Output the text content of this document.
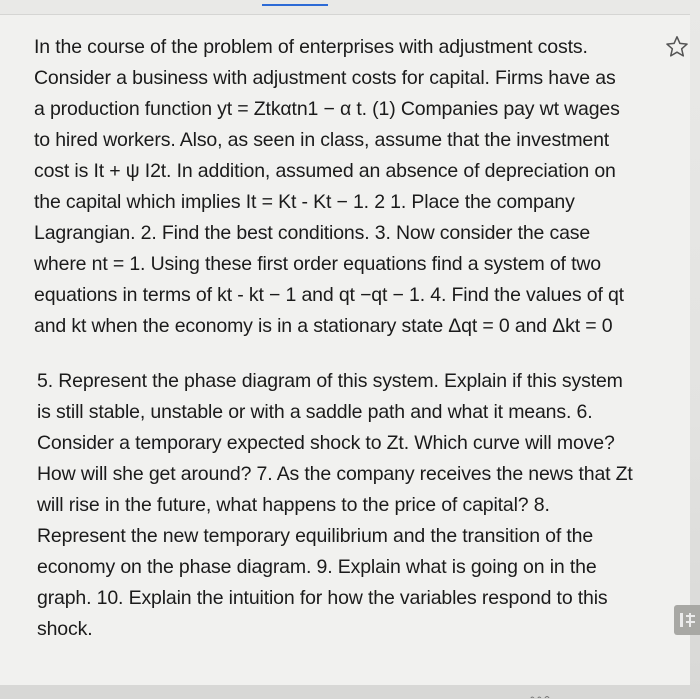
In the course of the problem of enterprises with adjustment costs.
Consider a business with adjustment costs for capital. Firms have as
a production function yt = Ztkαtn1 − α t. (1) Companies pay wt wages
to hired workers. Also, as seen in class, assume that the investment
cost is It + ψ I2t. In addition, assumed an absence of depreciation on
the capital which implies It = Kt - Kt − 1. 2 1. Place the company
Lagrangian. 2. Find the best conditions. 3. Now consider the case
where nt = 1. Using these first order equations find a system of two
equations in terms of kt - kt − 1 and qt −qt − 1. 4. Find the values of qt
and kt when the economy is in a stationary state Δqt = 0 and Δkt = 0

5. Represent the phase diagram of this system. Explain if this system
is still stable, unstable or with a saddle path and what it means. 6.
Consider a temporary expected shock to Zt. Which curve will move?
How will she get around? 7. As the company receives the news that Zt
will rise in the future, what happens to the price of capital? 8.
Represent the new temporary equilibrium and the transition of the
economy on the phase diagram. 9. Explain what is going on in the
graph. 10. Explain the intuition for how the variables respond to this
shock.
